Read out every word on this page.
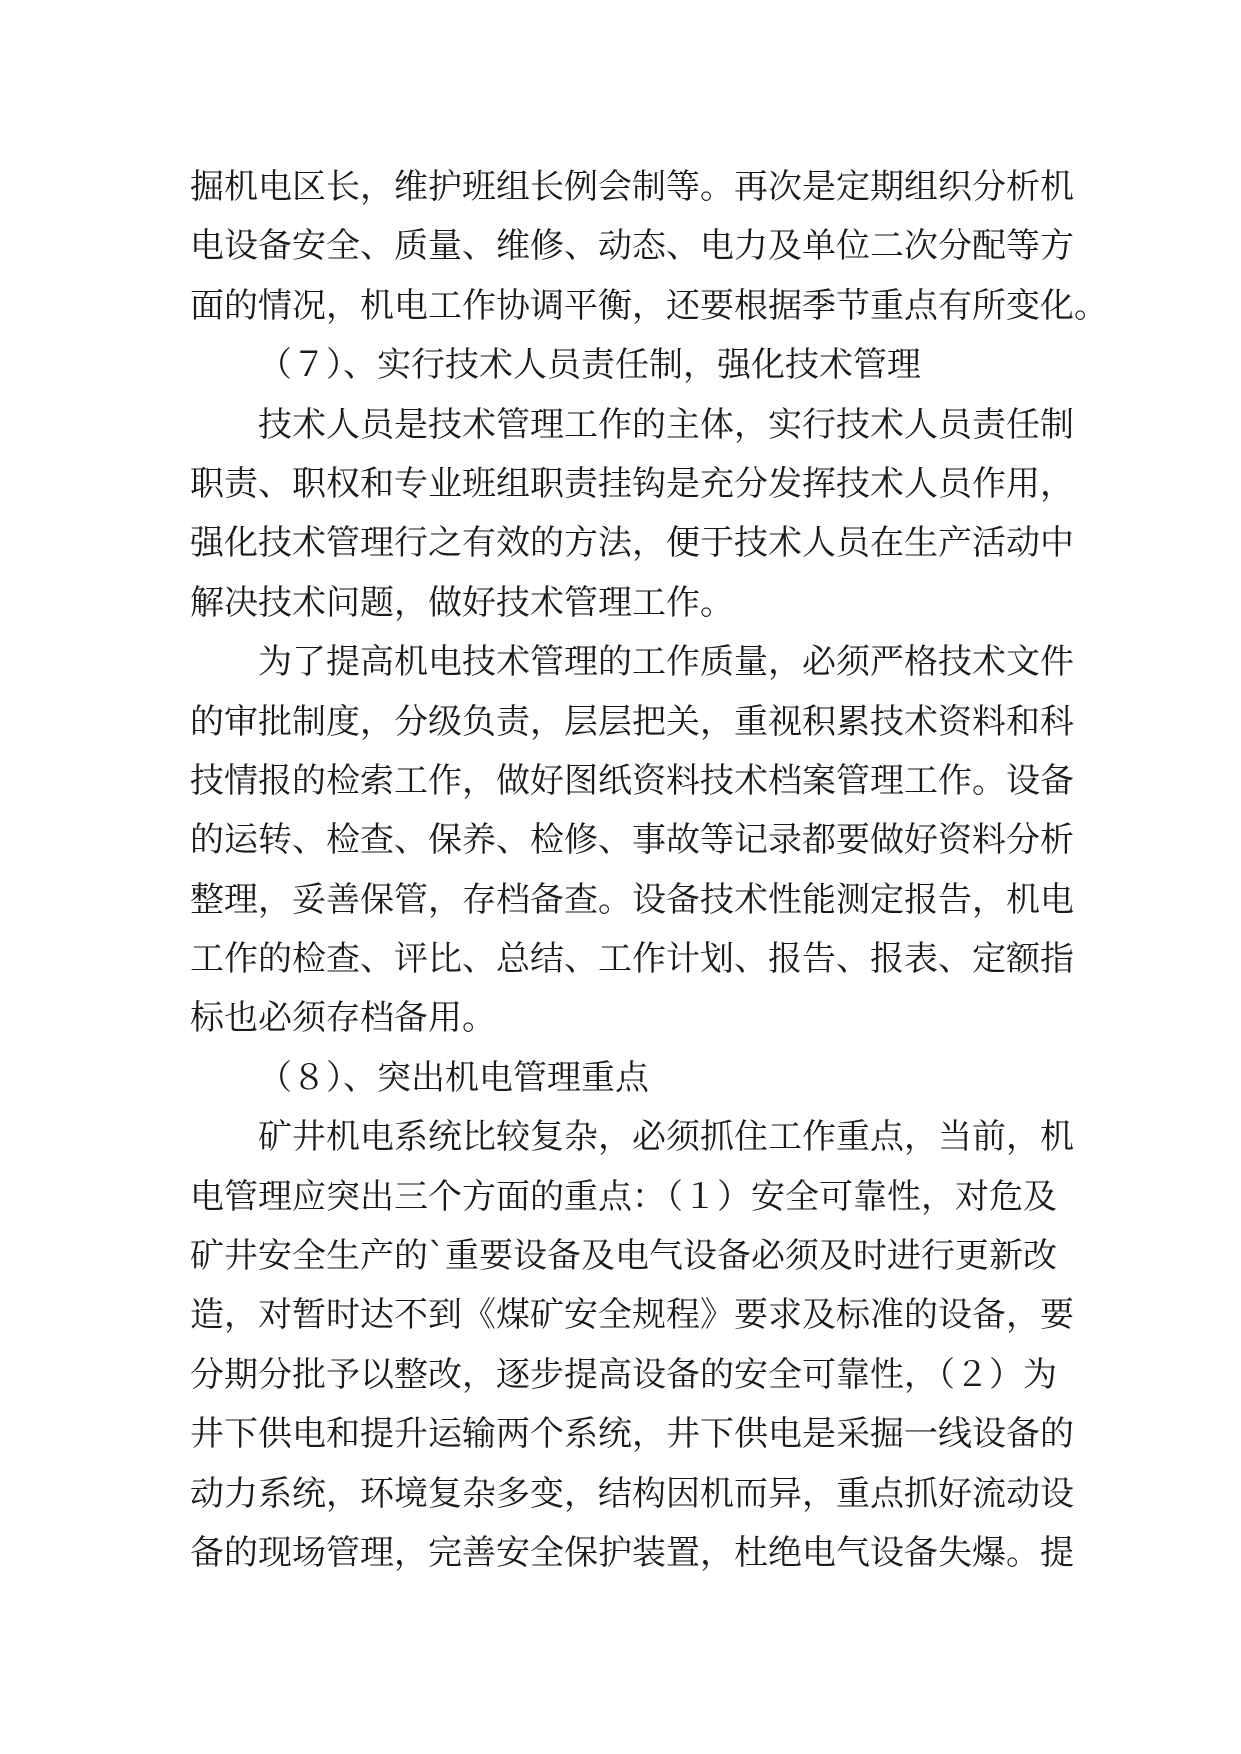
掘机电区长，维护班组长例会制等。再次是定期组织分析机
电设备安全、质量、维修、动态、电力及单位二次分配等方
面的情况，机电工作协调平衡，还要根据季节重点有所变化。
（７）、实行技术人员责任制，强化技术管理
技术人员是技术管理工作的主体，实行技术人员责任制
职责、职权和专业班组职责挂钩是充分发挥技术人员作用，
强化技术管理行之有效的方法，便于技术人员在生产活动中
解决技术问题，做好技术管理工作。
为了提高机电技术管理的工作质量，必须严格技术文件
的审批制度，分级负责，层层把关，重视积累技术资料和科
技情报的检索工作，做好图纸资料技术档案管理工作。设备
的运转、检查、保养、检修、事故等记录都要做好资料分析
整理，妥善保管，存档备查。设备技术性能测定报告，机电
工作的检查、评比、总结、工作计划、报告、报表、定额指
标也必须存档备用。
（８）、突出机电管理重点
矿井机电系统比较复杂，必须抓住工作重点，当前，机
电管理应突出三个方面的重点：（１）安全可靠性，对危及
矿井安全生产的`重要设备及电气设备必须及时进行更新改
造，对暂时达不到《煤矿安全规程》要求及标准的设备，要
分期分批予以整改，逐步提高设备的安全可靠性，（２）为
井下供电和提升运输两个系统，井下供电是采掘一线设备的
动力系统，环境复杂多变，结构因机而异，重点抓好流动设
备的现场管理，完善安全保护装置，杜绝电气设备失爆。提
